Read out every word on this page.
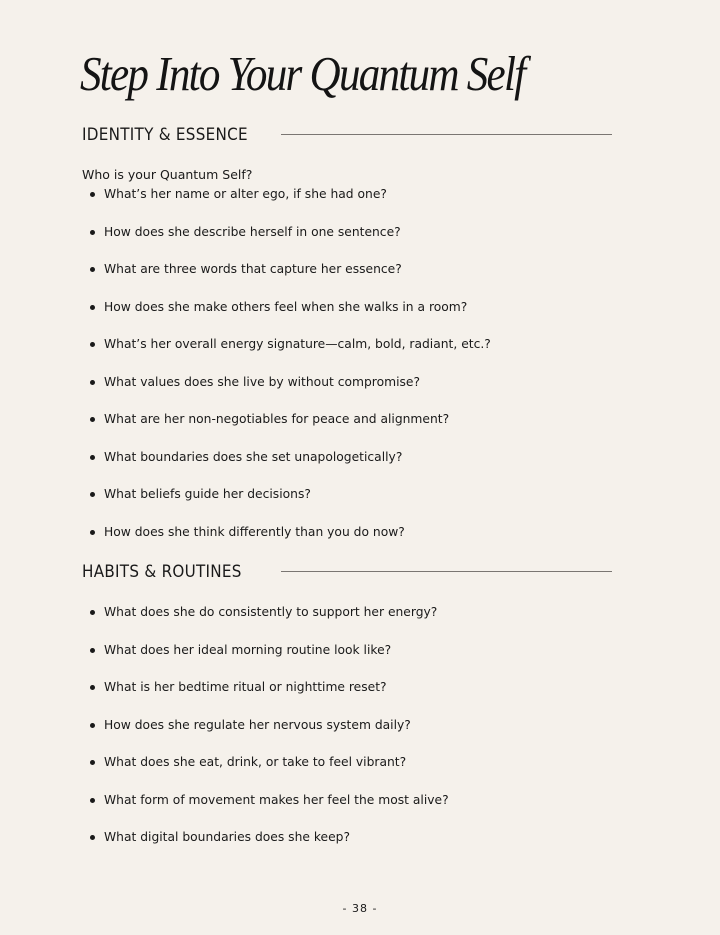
Step Into Your Quantum Self
IDENTITY & ESSENCE
Who is your Quantum Self?
What’s her name or alter ego, if she had one?
How does she describe herself in one sentence?
What are three words that capture her essence?
How does she make others feel when she walks in a room?
What’s her overall energy signature—calm, bold, radiant, etc.?
What values does she live by without compromise?
What are her non-negotiables for peace and alignment?
What boundaries does she set unapologetically?
What beliefs guide her decisions?
How does she think differently than you do now?
HABITS & ROUTINES
What does she do consistently to support her energy?
What does her ideal morning routine look like?
What is her bedtime ritual or nighttime reset?
How does she regulate her nervous system daily?
What does she eat, drink, or take to feel vibrant?
What form of movement makes her feel the most alive?
What digital boundaries does she keep?
- 38 -
